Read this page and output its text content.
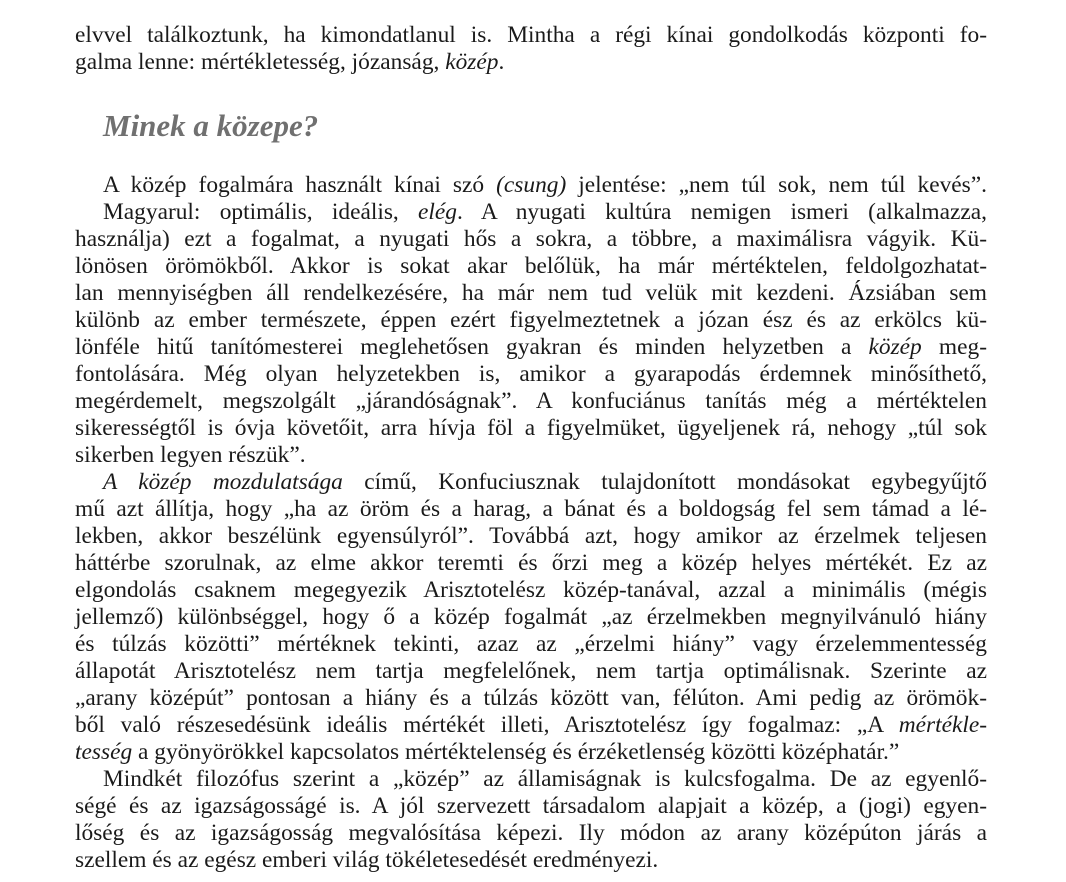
Minek a közepe?
elvvel találkoztunk, ha kimondatlanul is. Mintha a régi kínai gondolkodás központi fo-
galma lenne: mértékletesség, józanság, közép.
A közép fogalmára használt kínai szó (csung) jelentése: „nem túl sok, nem túl kevés”.
Magyarul: optimális, ideális, elég. A nyugati kultúra nemigen ismeri (alkalmazza,
használja) ezt a fogalmat, a nyugati hős a sokra, a többre, a maximálisra vágyik. Kü-
lönösen örömökből. Akkor is sokat akar belőlük, ha már mértéktelen, feldolgozhatat-
lan mennyiségben áll rendelkezésére, ha már nem tud velük mit kezdeni. Ázsiában sem
különb az ember természete, éppen ezért figyelmeztetnek a józan ész és az erkölcs kü-
lönféle hitű tanítómesterei meglehetősen gyakran és minden helyzetben a közép meg-
fontolására. Még olyan helyzetekben is, amikor a gyarapodás érdemnek minősíthető,
megérdemelt, megszolgált „járandóságnak”. A konfuciánus tanítás még a mértéktelen
sikerességtől is óvja követőit, arra hívja föl a figyelmüket, ügyeljenek rá, nehogy „túl sok
sikerben legyen részük”.
A közép mozdulatsága című, Konfuciusznak tulajdonított mondásokat egybegyűjtő
mű azt állítja, hogy „ha az öröm és a harag, a bánat és a boldogság fel sem támad a lé-
lekben, akkor beszélünk egyensúlyról”. Továbbá azt, hogy amikor az érzelmek teljesen
háttérbe szorulnak, az elme akkor teremti és őrzi meg a közép helyes mértékét. Ez az
elgondolás csaknem megegyezik Arisztotelész közép-tanával, azzal a minimális (mégis
jellemző) különbséggel, hogy ő a közép fogalmát „az érzelmekben megnyilvánuló hiány
és túlzás közötti” mértéknek tekinti, azaz az „érzelmi hiány” vagy érzelemmentesség
állapotát Arisztotelész nem tartja megfelelőnek, nem tartja optimálisnak. Szerinte az
„arany középút” pontosan a hiány és a túlzás között van, félúton. Ami pedig az örömök-
ből való részesedésünk ideális mértékét illeti, Arisztotelész így fogalmaz: „A mértékle-
tesség a gyönyörökkel kapcsolatos mértéktelenség és érzéketlenség közötti középhatár.”
Mindkét filozófus szerint a „közép” az államiságnak is kulcsfogalma. De az egyenlő-
ségé és az igazságosságé is. A jól szervezett társadalom alapjait a közép, a (jogi) egyen-
lőség és az igazságosság megvalósítása képezi. Ily módon az arany középúton járás a
szellem és az egész emberi világ tökéletesedését eredményezi.
